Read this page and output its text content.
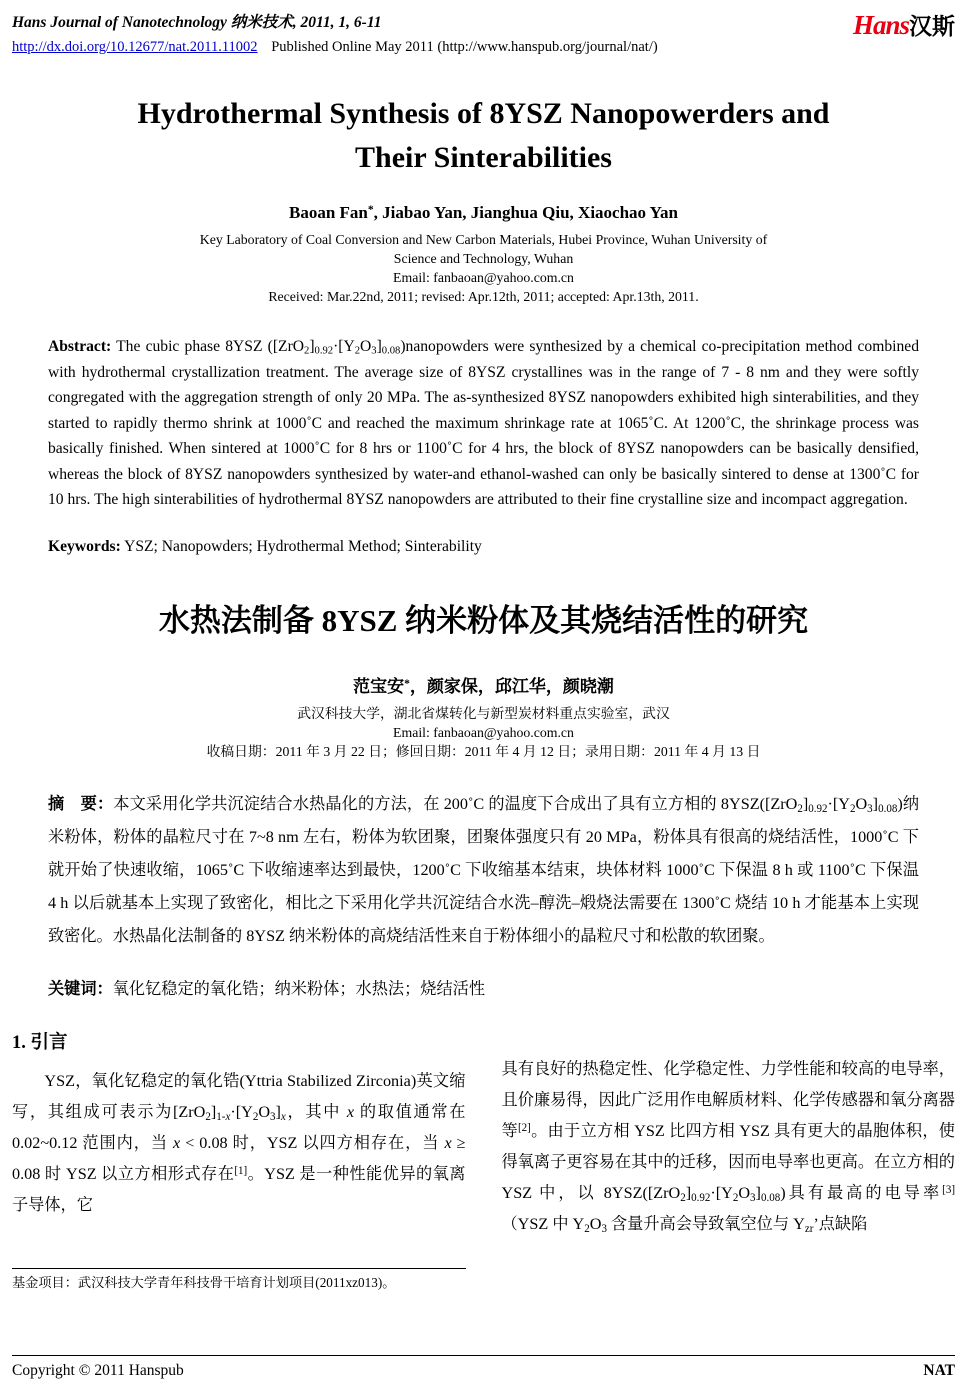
Hans Journal of Nanotechnology 纳米技术, 2011, 1, 6-11
http://dx.doi.org/10.12677/nat.2011.11002 Published Online May 2011 (http://www.hanspub.org/journal/nat/)
Hans汉斯
Hydrothermal Synthesis of 8YSZ Nanopowerders and
Their Sinterabilities
Baoan Fan*, Jiabao Yan, Jianghua Qiu, Xiaochao Yan
Key Laboratory of Coal Conversion and New Carbon Materials, Hubei Province, Wuhan University of
Science and Technology, Wuhan
Email: fanbaoan@yahoo.com.cn
Received: Mar.22nd, 2011; revised: Apr.12th, 2011; accepted: Apr.13th, 2011.

Abstract: The cubic phase 8YSZ $([ZrO_2]_{0.92}\cdot[Y_2O_3]_{0.08})nanopowders$ were synthesized by a chemical co-precipitation method combined with hydrothermal crystallization treatment. The average size of 8YSZ crystallines was in the range of 7 - 8 nm and they were softly congregated with the aggregation strength of only 20 MPa. The as-synthesized 8YSZ nanopowders exhibited high sinterabilities, and they started to rapidly thermo shrink at 1000˚C and reached the maximum shrinkage rate at 1065˚C. At 1200˚C, the shrinkage process was basically finished. When sintered at 1000˚C for 8 hrs or 1100˚C for 4 hrs, the block of 8YSZ nanopowders can be basically densified, whereas the block of 8YSZ nanopowders synthesized by water-and ethanol-washed can only be basically sintered to dense at 1300˚C for 10 hrs. The high sinterabilities of hydrothermal 8YSZ nanopowders are attributed to their fine crystalline size and incompact aggregation.

Keywords: YSZ; Nanopowders; Hydrothermal Method; Sinterability

水热法制备 8YSZ 纳米粉体及其烧结活性的研究
范宝安*，颜家保，邱江华，颜晓潮
武汉科技大学，湖北省煤转化与新型炭材料重点实验室，武汉
Email: fanbaoan@yahoo.com.cn
收稿日期：2011 年 3 月 22 日；修回日期：2011 年 4 月 12 日；录用日期：2011 年 4 月 13 日

摘　要：本文采用化学共沉淀结合水热晶化的方法，在 200˚C 的温度下合成出了具有立方相的 $8YSZ([ZrO_2]_{0.92}\cdot[Y_2O_3]_{0.08})$纳米粉体，粉体的晶粒尺寸在 7~8 nm 左右，粉体为软团聚，团聚体强度只有 20 MPa，粉体具有很高的烧结活性，1000˚C 下就开始了快速收缩，1065˚C 下收缩速率达到最快，1200˚C 下收缩基本结束，块体材料 1000˚C 下保温 8 h 或 1100˚C 下保温 4 h 以后就基本上实现了致密化，相比之下采用化学共沉淀结合水洗–醇洗–煅烧法需要在 1300˚C 烧结 10 h 才能基本上实现致密化。水热晶化法制备的 8YSZ 纳米粉体的高烧结活性来自于粉体细小的晶粒尺寸和松散的软团聚。

关键词：氧化钇稳定的氧化锆；纳米粉体；水热法；烧结活性

1. 引言

YSZ，氧化钇稳定的氧化锆(Yttria Stabilized Zirconia)英文缩写，其组成可表示为$[ZrO_2]_{1-x}\cdot[Y_2O_3]_x$，其中 x 的取值通常在 0.02~0.12 范围内，当 x < 0.08 时，YSZ 以四方相存在，当 x ≥ 0.08 时 YSZ 以立方相形式存在[1]。YSZ 是一种性能优异的氧离子导体，它

基金项目：武汉科技大学青年科技骨干培育计划项目(2011xz013)。

具有良好的热稳定性、化学稳定性、力学性能和较高的电导率，且价廉易得，因此广泛用作电解质材料、化学传感器和氧分离器等[2]。由于立方相 YSZ 比四方相 YSZ 具有更大的晶胞体积，使得氧离子更容易在其中的迁移，因而电导率也更高。在立方相的 YSZ 中，以 $8YSZ([ZrO_2]_{0.92}\cdot[Y_2O_3]_{0.08})$具有最高的电导率[3]（YSZ 中 $Y_2O_3$ 含量升高会导致氧空位与 $Y_{zr}$’点缺陷

Copyright © 2011 Hanspub	NAT
